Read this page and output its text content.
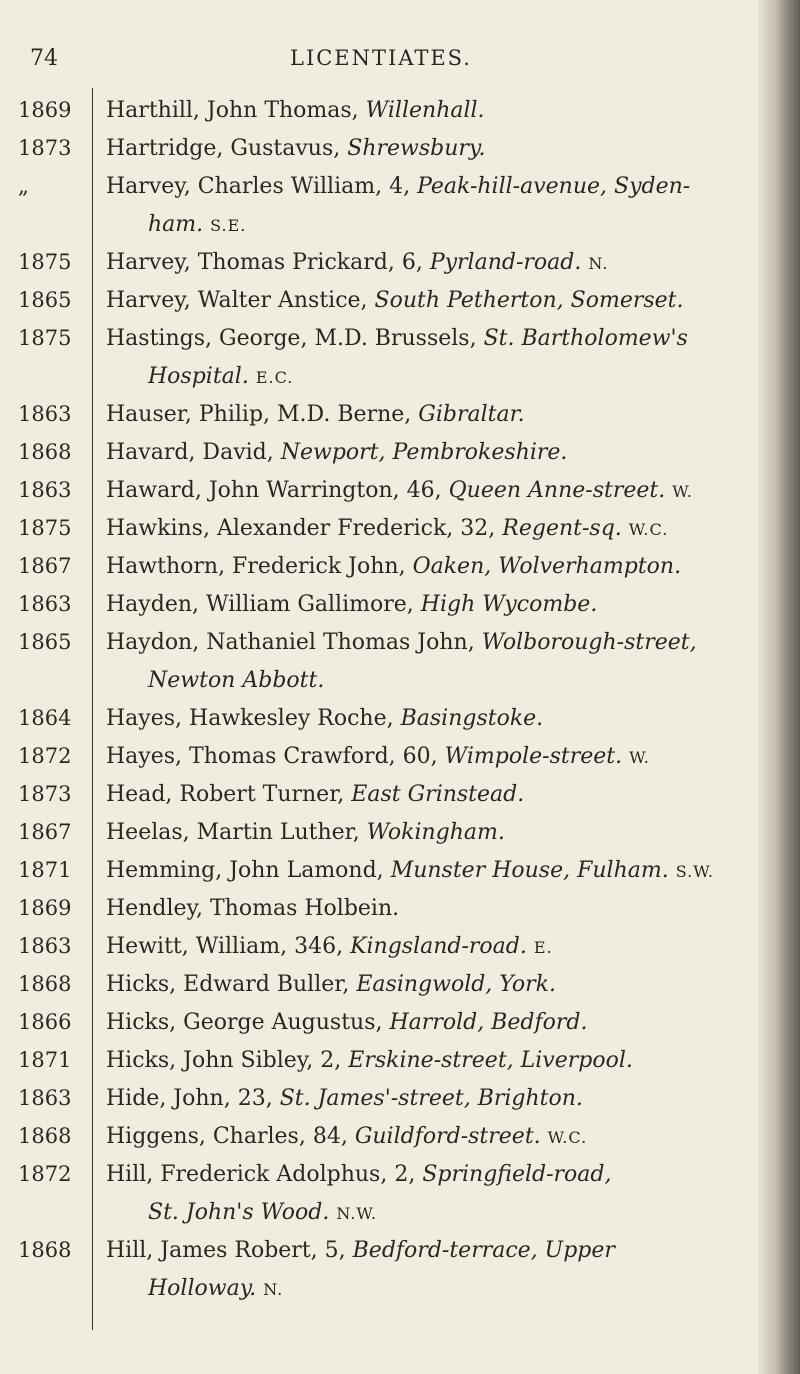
74	LICENTIATES.
1869	Harthill, John Thomas, Willenhall.
1873	Hartridge, Gustavus, Shrewsbury.
„	Harvey, Charles William, 4, Peak-hill-avenue, Syden-
ham. S.E.
1875	Harvey, Thomas Prickard, 6, Pyrland-road. N.
1865	Harvey, Walter Anstice, South Petherton, Somerset.
1875	Hastings, George, M.D. Brussels, St. Bartholomew's
Hospital. E.C.
1863	Hauser, Philip, M.D. Berne, Gibraltar.
1868	Havard, David, Newport, Pembrokeshire.
1863	Haward, John Warrington, 46, Queen Anne-street. W.
1875	Hawkins, Alexander Frederick, 32, Regent-sq. W.C.
1867	Hawthorn, Frederick John, Oaken, Wolverhampton.
1863	Hayden, William Gallimore, High Wycombe.
1865	Haydon, Nathaniel Thomas John, Wolborough-street,
Newton Abbott.
1864	Hayes, Hawkesley Roche, Basingstoke.
1872	Hayes, Thomas Crawford, 60, Wimpole-street. W.
1873	Head, Robert Turner, East Grinstead.
1867	Heelas, Martin Luther, Wokingham.
1871	Hemming, John Lamond, Munster House, Fulham. S.W.
1869	Hendley, Thomas Holbein.
1863	Hewitt, William, 346, Kingsland-road. E.
1868	Hicks, Edward Buller, Easingwold, York.
1866	Hicks, George Augustus, Harrold, Bedford.
1871	Hicks, John Sibley, 2, Erskine-street, Liverpool.
1863	Hide, John, 23, St. James'-street, Brighton.
1868	Higgens, Charles, 84, Guildford-street. W.C.
1872	Hill, Frederick Adolphus, 2, Springfield-road,
St. John's Wood. N.W.
1868	Hill, James Robert, 5, Bedford-terrace, Upper
Holloway. N.
